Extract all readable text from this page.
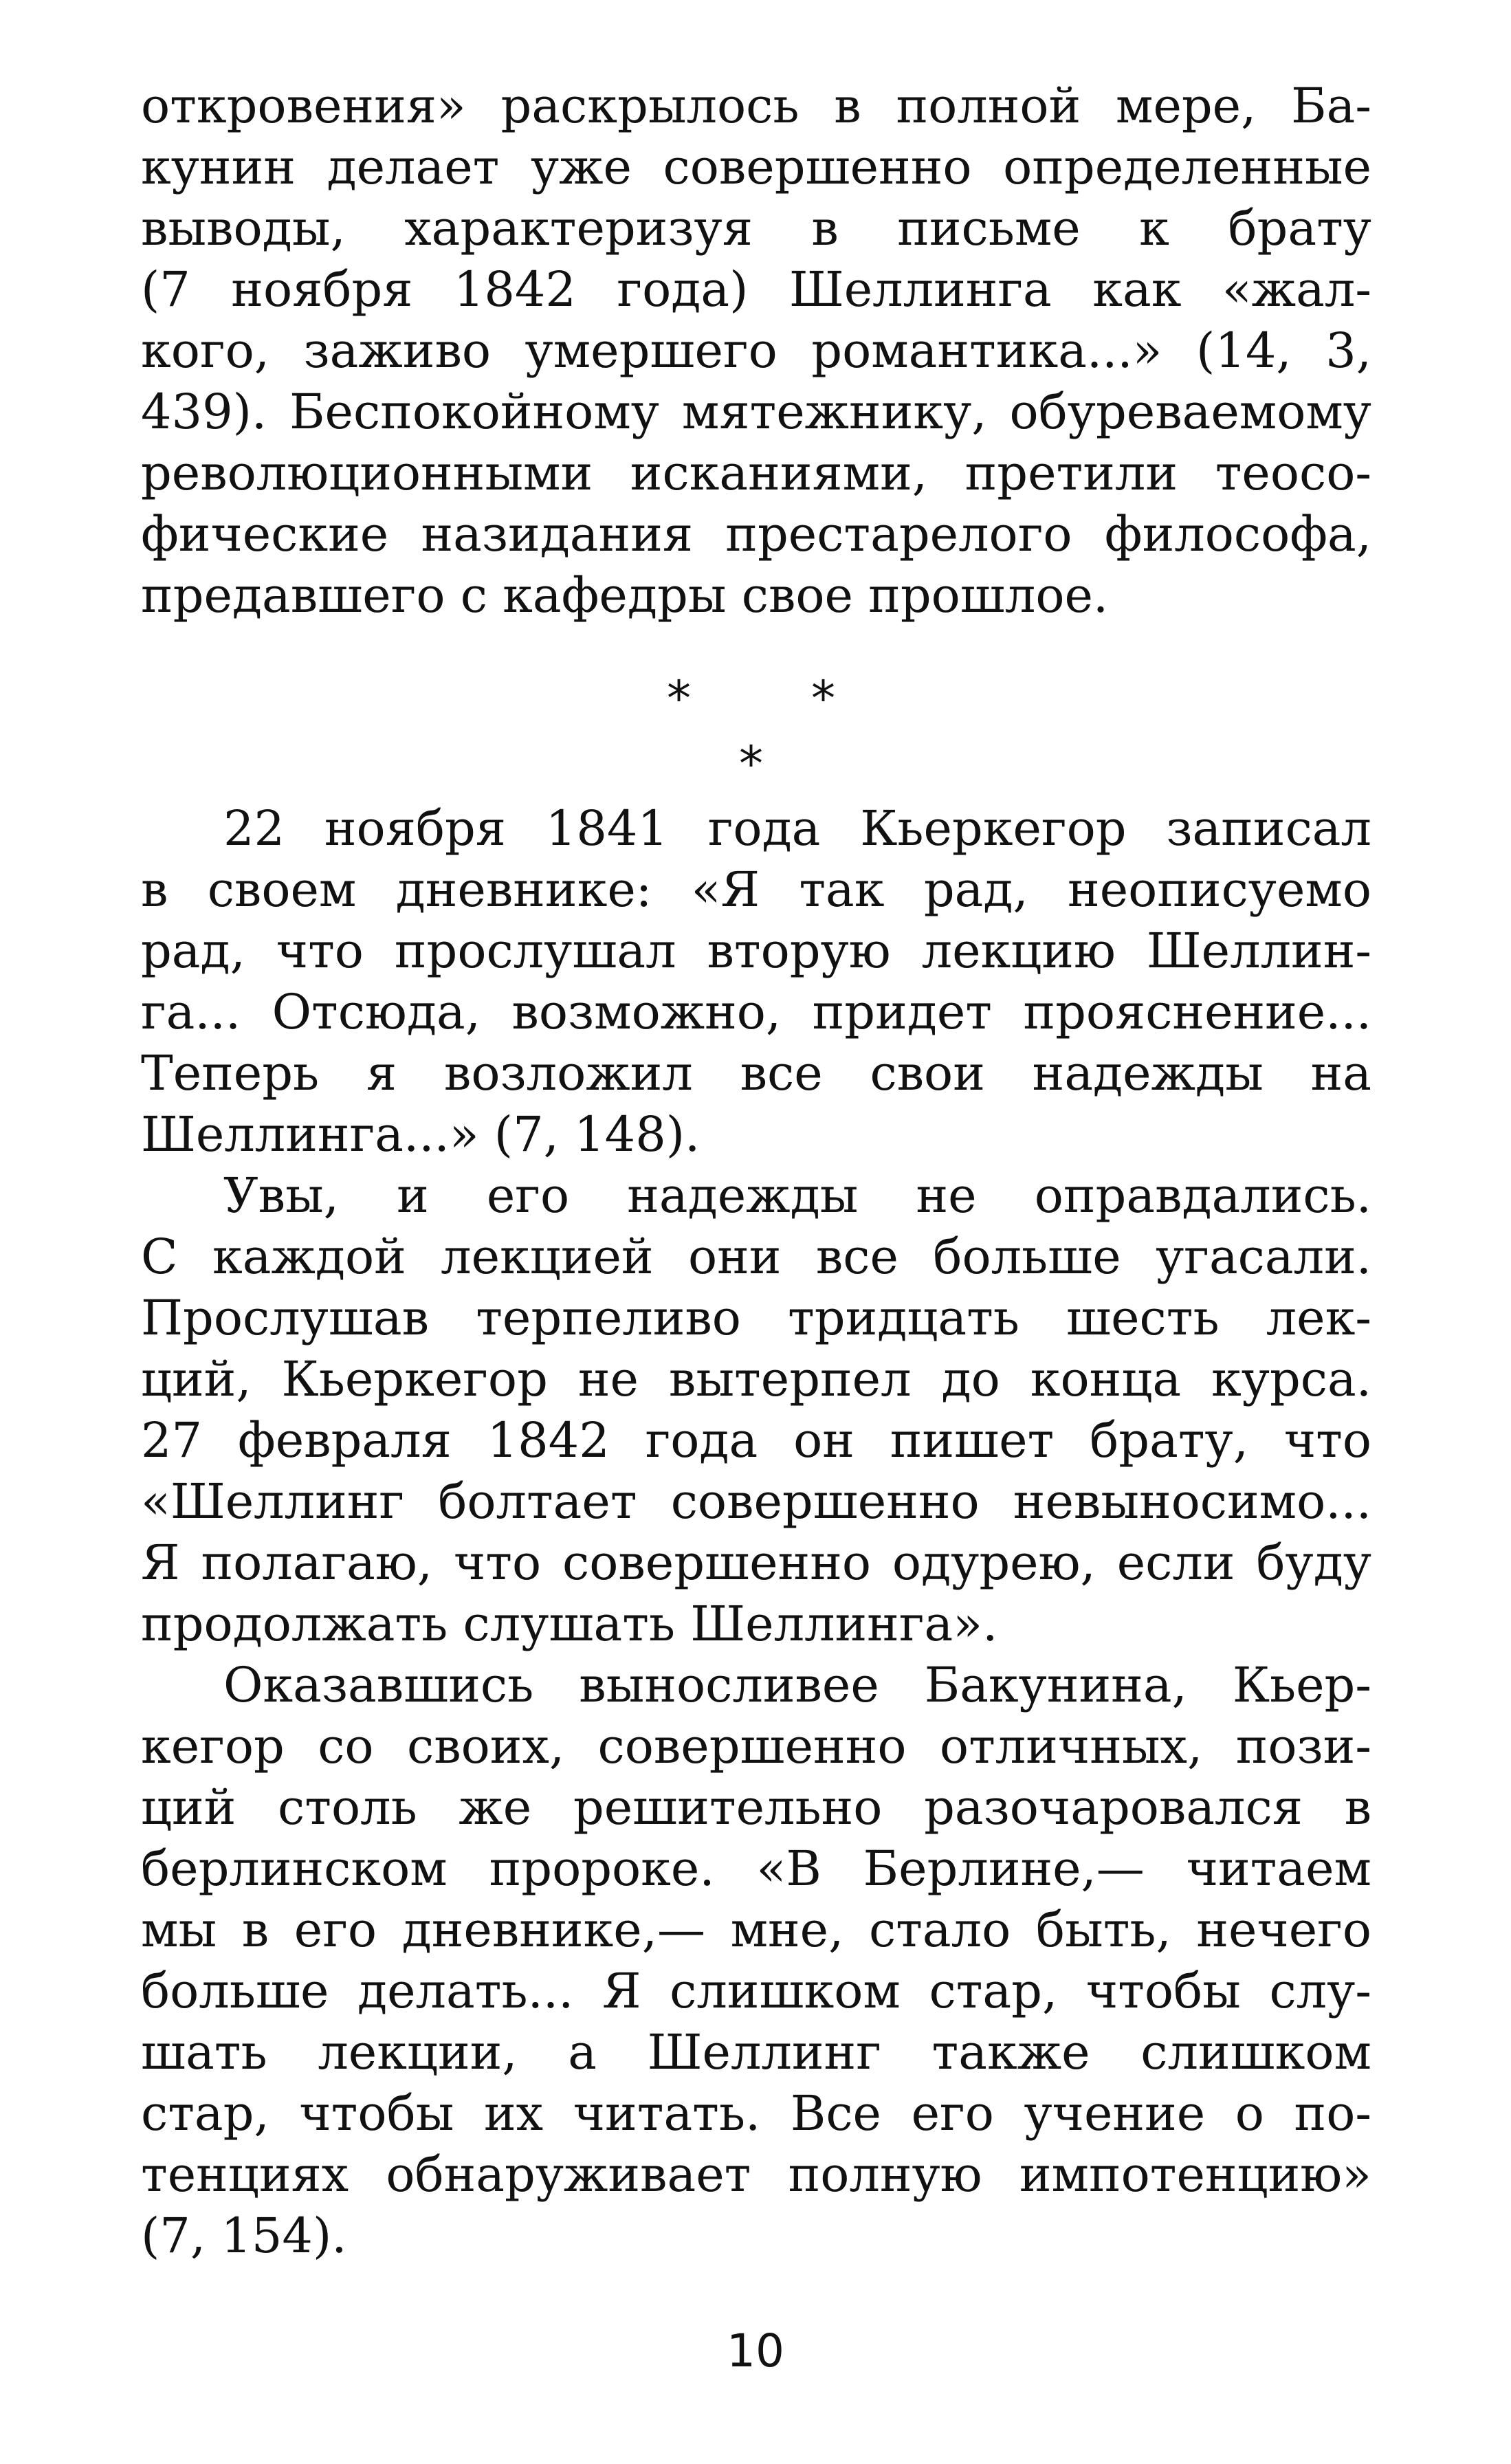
откровения» раскрылось в полной мере, Ба-
кунин делает уже совершенно определенные
выводы, характеризуя в письме к брату
(7 ноября 1842 года) Шеллинга как «жал-
кого, заживо умершего романтика...» (14, 3,
439). Беспокойному мятежнику, обуреваемому
революционными исканиями, претили теосо-
фические назидания престарелого философа,
предавшего с кафедры свое прошлое.
*	*
*
22 ноября 1841 года Кьеркегор записал
в своем дневнике: «Я так рад, неописуемо
рад, что прослушал вторую лекцию Шеллин-
га... Отсюда, возможно, придет прояснение...
Теперь я возложил все свои надежды на
Шеллинга...» (7, 148).
Увы, и его надежды не оправдались.
С каждой лекцией они все больше угасали.
Прослушав терпеливо тридцать шесть лек-
ций, Кьеркегор не вытерпел до конца курса.
27 февраля 1842 года он пишет брату, что
«Шеллинг болтает совершенно невыносимо...
Я полагаю, что совершенно одурею, если буду
продолжать слушать Шеллинга».
Оказавшись выносливее Бакунина, Кьер-
кегор со своих, совершенно отличных, пози-
ций столь же решительно разочаровался в
берлинском пророке. «В Берлине,— читаем
мы в его дневнике,— мне, стало быть, нечего
больше делать... Я слишком стар, чтобы слу-
шать лекции, а Шеллинг также слишком
стар, чтобы их читать. Все его учение о по-
тенциях обнаруживает полную импотенцию»
(7, 154).
10
